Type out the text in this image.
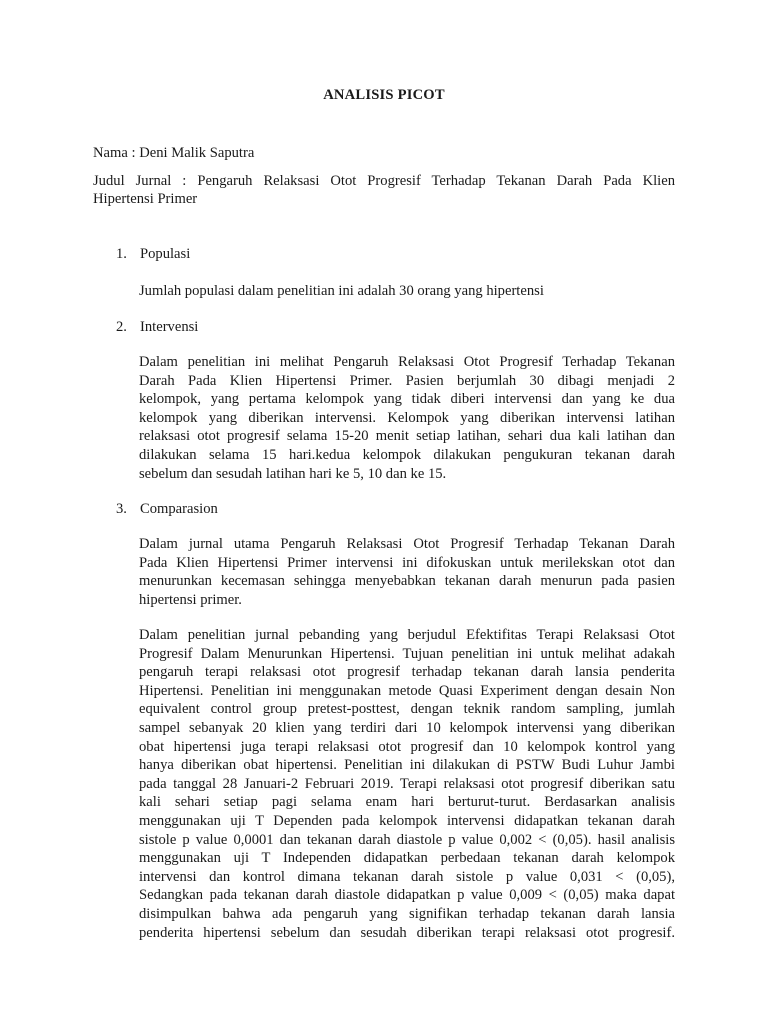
ANALISIS PICOT
Nama : Deni Malik Saputra
Judul Jurnal : Pengaruh Relaksasi Otot Progresif Terhadap Tekanan Darah Pada Klien
Hipertensi Primer
1. Populasi
Jumlah populasi dalam penelitian ini adalah 30 orang yang hipertensi
2. Intervensi
Dalam penelitian ini melihat Pengaruh Relaksasi Otot Progresif Terhadap Tekanan
Darah Pada Klien Hipertensi Primer. Pasien berjumlah 30 dibagi menjadi 2
kelompok, yang pertama kelompok yang tidak diberi intervensi dan yang ke dua
kelompok yang diberikan intervensi. Kelompok yang diberikan intervensi latihan
relaksasi otot progresif selama 15-20 menit setiap latihan, sehari dua kali latihan dan
dilakukan selama 15 hari.kedua kelompok dilakukan pengukuran tekanan darah
sebelum dan sesudah latihan hari ke 5, 10 dan ke 15.
3. Comparasion
Dalam jurnal utama Pengaruh Relaksasi Otot Progresif Terhadap Tekanan Darah
Pada Klien Hipertensi Primer intervensi ini difokuskan untuk merilekskan otot dan
menurunkan kecemasan sehingga menyebabkan tekanan darah menurun pada pasien
hipertensi primer.
Dalam penelitian jurnal pebanding yang berjudul Efektifitas Terapi Relaksasi Otot
Progresif Dalam Menurunkan Hipertensi. Tujuan penelitian ini untuk melihat adakah
pengaruh terapi relaksasi otot progresif terhadap tekanan darah lansia penderita
Hipertensi. Penelitian ini menggunakan metode Quasi Experiment dengan desain Non
equivalent control group pretest-posttest, dengan teknik random sampling, jumlah
sampel sebanyak 20 klien yang terdiri dari 10 kelompok intervensi yang diberikan
obat hipertensi juga terapi relaksasi otot progresif dan 10 kelompok kontrol yang
hanya diberikan obat hipertensi. Penelitian ini dilakukan di PSTW Budi Luhur Jambi
pada tanggal 28 Januari-2 Februari 2019. Terapi relaksasi otot progresif diberikan satu
kali sehari setiap pagi selama enam hari berturut-turut. Berdasarkan analisis
menggunakan uji T Dependen pada kelompok intervensi didapatkan tekanan darah
sistole p value 0,0001 dan tekanan darah diastole p value 0,002 < (0,05). hasil analisis
menggunakan uji T Independen didapatkan perbedaan tekanan darah kelompok
intervensi dan kontrol dimana tekanan darah sistole p value 0,031 < (0,05),
Sedangkan pada tekanan darah diastole didapatkan p value 0,009 < (0,05) maka dapat
disimpulkan bahwa ada pengaruh yang signifikan terhadap tekanan darah lansia
penderita hipertensi sebelum dan sesudah diberikan terapi relaksasi otot progresif.
